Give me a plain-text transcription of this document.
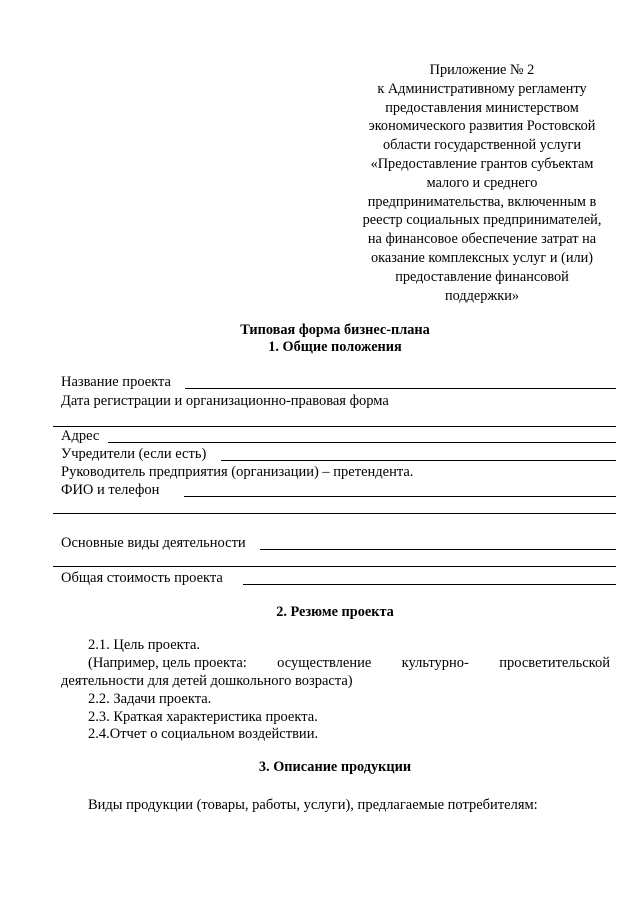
Приложение № 2
к Административному регламенту
предоставления министерством
экономического развития Ростовской
области государственной услуги
«Предоставление грантов субъектам
малого и среднего
предпринимательства, включенным в
реестр социальных предпринимателей,
на финансовое обеспечение затрат на
оказание комплексных услуг и (или)
предоставление финансовой
поддержки»
Типовая форма бизнес-плана
1. Общие положения
Название проекта
Дата регистрации и организационно-правовая форма
Адрес
Учредители (если есть)
Руководитель предприятия (организации) – претендента.
ФИО и телефон
Основные виды деятельности
Общая стоимость проекта
2. Резюме проекта
2.1. Цель проекта.
(Например, цель проекта: осуществление культурно- просветительской
деятельности для детей дошкольного возраста)
2.2. Задачи проекта.
2.3. Краткая характеристика проекта.
2.4.Отчет о социальном воздействии.
3. Описание продукции
Виды продукции (товары, работы, услуги), предлагаемые потребителям:
